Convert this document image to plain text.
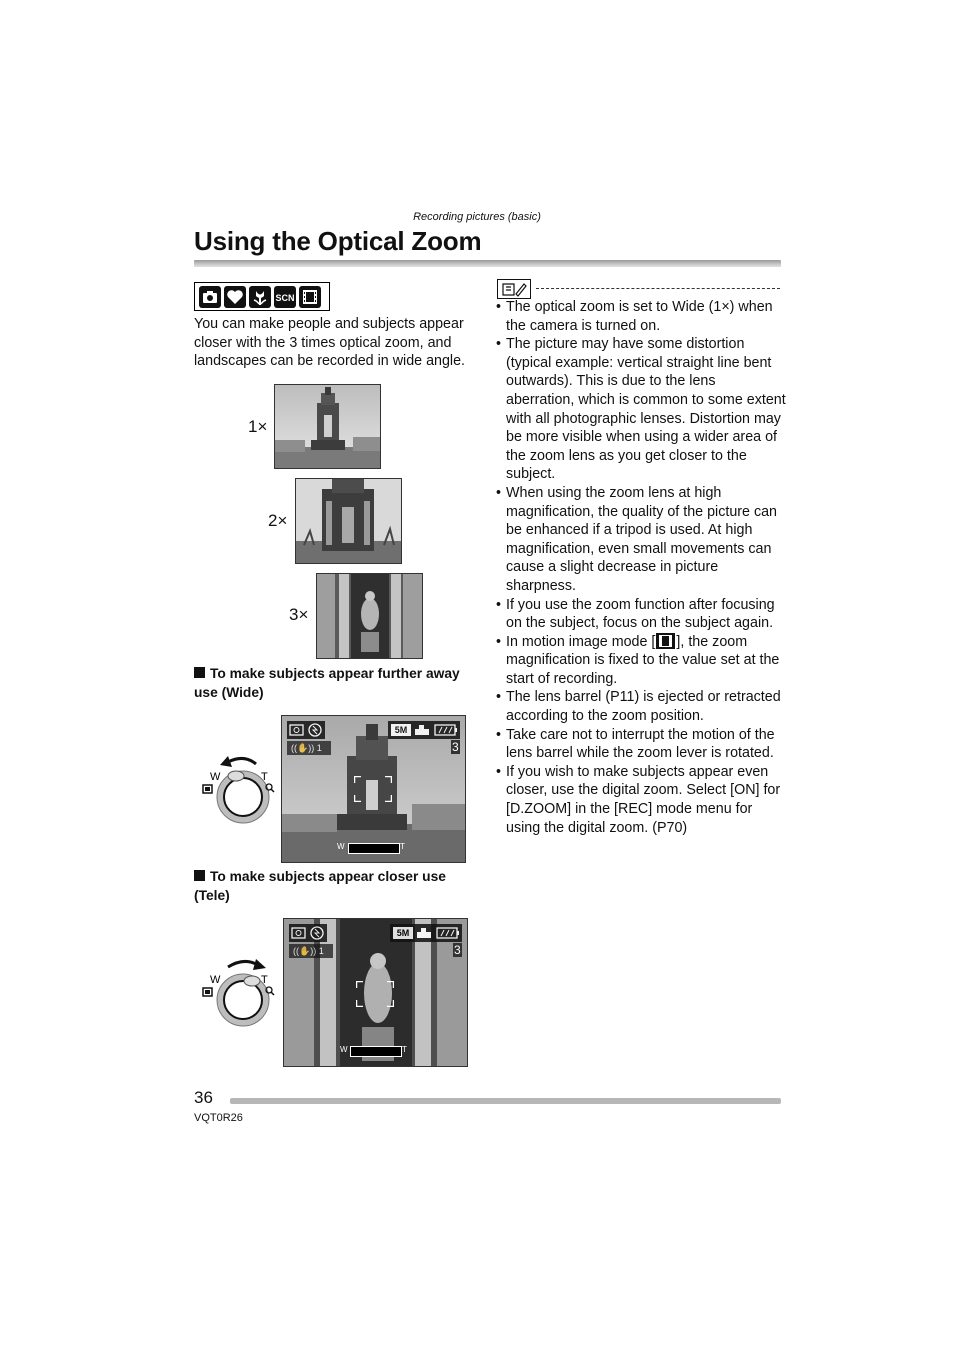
Recording pictures (basic)
Using the Optical Zoom
SCN
You can make people and subjects appear closer with the 3 times optical zoom, and landscapes can be recorded in wide angle.
1×
2×
3×
To make subjects appear further away use (Wide)
W	T
5M
((✋)) 1	3
W	T
To make subjects appear closer use (Tele)
W	T
5M
((✋)) 1	3
W	T
• The optical zoom is set to Wide (1×) when the camera is turned on.
• The picture may have some distortion (typical example: vertical straight line bent outwards). This is due to the lens aberration, which is common to some extent with all photographic lenses. Distortion may be more visible when using a wider area of the zoom lens as you get closer to the subject.
• When using the zoom lens at high magnification, the quality of the picture can be enhanced if a tripod is used. At high magnification, even small movements can cause a slight decrease in picture sharpness.
• If you use the zoom function after focusing on the subject, focus on the subject again.
• In motion image mode [ ], the zoom magnification is fixed to the value set at the start of recording.
• The lens barrel (P11) is ejected or retracted according to the zoom position.
• Take care not to interrupt the motion of the lens barrel while the zoom lever is rotated.
• If you wish to make subjects appear even closer, use the digital zoom. Select [ON] for [D.ZOOM] in the [REC] mode menu for using the digital zoom. (P70)
36
VQT0R26
